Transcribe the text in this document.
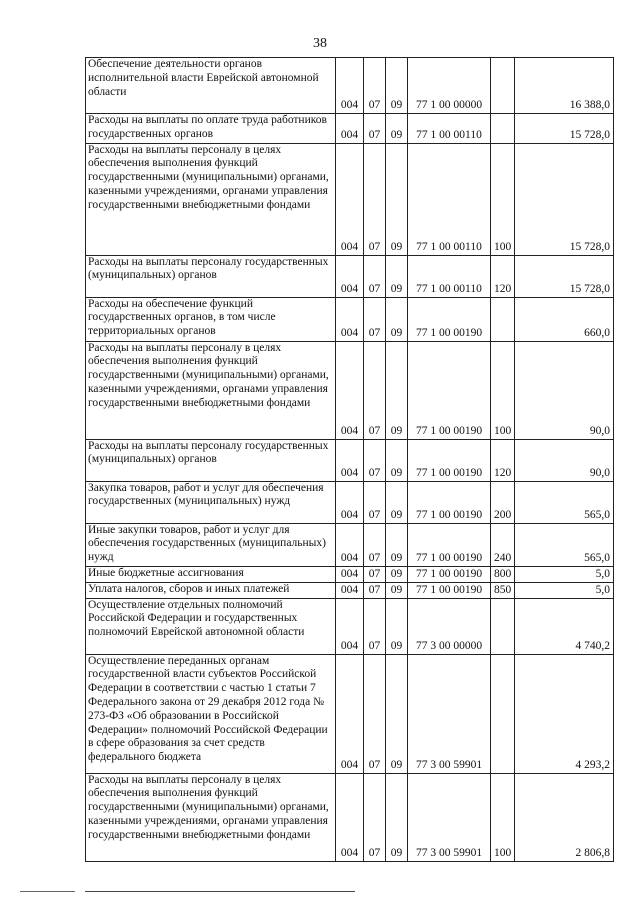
38
Обеспечение деятельности органов исполнительной власти Еврейской автономной области	004	07	09	77 1 00 00000		16 388,0
Расходы на выплаты по оплате труда работников государственных органов	004	07	09	77 1 00 00110		15 728,0
Расходы на выплаты персоналу в целях обеспечения выполнения функций государственными (муниципальными) органами, казенными учреждениями, органами управления государственными внебюджетными фондами	004	07	09	77 1 00 00110	100	15 728,0
Расходы на выплаты персоналу государственных (муниципальных) органов	004	07	09	77 1 00 00110	120	15 728,0
Расходы на обеспечение функций государственных органов, в том числе территориальных органов	004	07	09	77 1 00 00190		660,0
Расходы на выплаты персоналу в целях обеспечения выполнения функций государственными (муниципальными) органами, казенными учреждениями, органами управления государственными внебюджетными фондами	004	07	09	77 1 00 00190	100	90,0
Расходы на выплаты персоналу государственных (муниципальных) органов	004	07	09	77 1 00 00190	120	90,0
Закупка товаров, работ и услуг для обеспечения государственных (муниципальных) нужд	004	07	09	77 1 00 00190	200	565,0
Иные закупки товаров, работ и услуг для обеспечения государственных (муниципальных) нужд	004	07	09	77 1 00 00190	240	565,0
Иные бюджетные ассигнования	004	07	09	77 1 00 00190	800	5,0
Уплата налогов, сборов и иных платежей	004	07	09	77 1 00 00190	850	5,0
Осуществление отдельных полномочий Российской Федерации и государственных полномочий Еврейской автономной области	004	07	09	77 3 00 00000		4 740,2
Осуществление переданных органам государственной власти субъектов Российской Федерации в соответствии с частью 1 статьи 7 Федерального закона от 29 декабря 2012 года № 273-ФЗ «Об образовании в Российской Федерации» полномочий Российской Федерации в сфере образования за счет средств федерального бюджета	004	07	09	77 3 00 59901		4 293,2
Расходы на выплаты персоналу в целях обеспечения выполнения функций государственными (муниципальными) органами, казенными учреждениями, органами управления государственными внебюджетными фондами	004	07	09	77 3 00 59901	100	2 806,8
